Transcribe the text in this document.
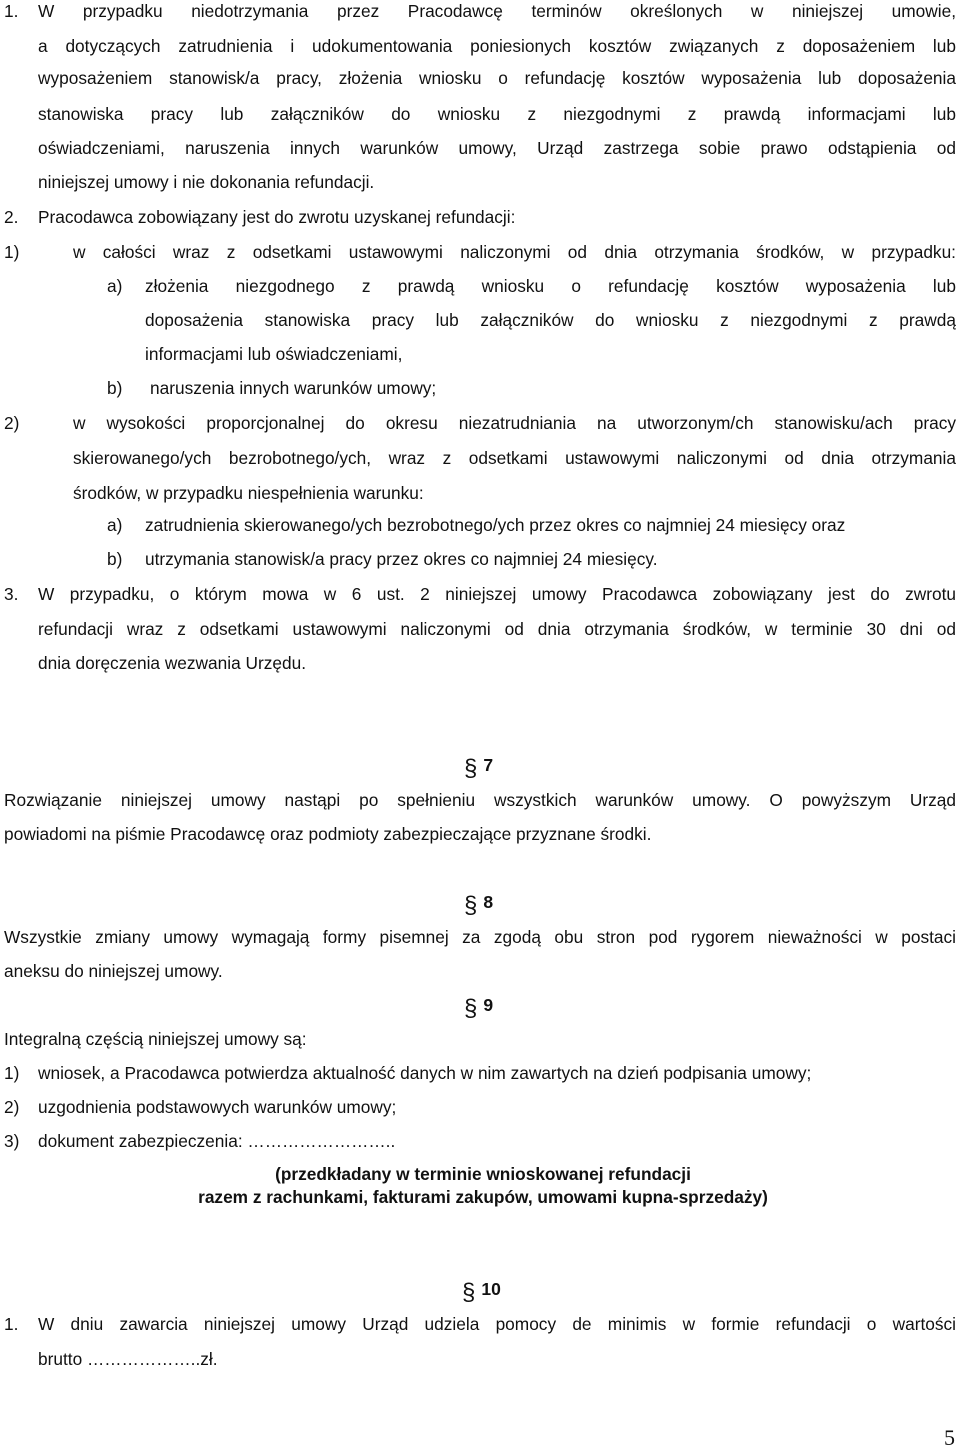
1. W przypadku niedotrzymania przez Pracodawcę terminów określonych w niniejszej umowie,
a dotyczących zatrudnienia i udokumentowania poniesionych kosztów związanych z doposażeniem lub
wyposażeniem stanowisk/a pracy, złożenia wniosku o refundację kosztów wyposażenia lub doposażenia
stanowiska pracy lub załączników do wniosku z niezgodnymi z prawdą informacjami lub
oświadczeniami, naruszenia innych warunków umowy, Urząd zastrzega sobie prawo odstąpienia od
niniejszej umowy i nie dokonania refundacji.
2. Pracodawca zobowiązany jest do zwrotu uzyskanej refundacji:
1)	w całości wraz z odsetkami ustawowymi naliczonymi od dnia otrzymania środków, w przypadku:
a) złożenia niezgodnego z prawdą wniosku o refundację kosztów wyposażenia lub
doposażenia stanowiska pracy lub załączników do wniosku z niezgodnymi z prawdą
informacjami lub oświadczeniami,
b) naruszenia innych warunków umowy;
2)	w wysokości proporcjonalnej do okresu niezatrudniania na utworzonym/ch stanowisku/ach pracy
skierowanego/ych bezrobotnego/ych, wraz z odsetkami ustawowymi naliczonymi od dnia otrzymania
środków, w przypadku niespełnienia warunku:
a) zatrudnienia skierowanego/ych bezrobotnego/ych przez okres co najmniej 24 miesięcy oraz
b) utrzymania stanowisk/a pracy przez okres co najmniej 24 miesięcy.
3. W przypadku, o którym mowa w 6 ust. 2 niniejszej umowy Pracodawca zobowiązany jest do zwrotu
refundacji wraz z odsetkami ustawowymi naliczonymi od dnia otrzymania środków, w terminie 30 dni od
dnia doręczenia wezwania Urzędu.
§ 7
Rozwiązanie niniejszej umowy nastąpi po spełnieniu wszystkich warunków umowy. O powyższym Urząd
powiadomi na piśmie Pracodawcę oraz podmioty zabezpieczające przyznane środki.
§ 8
Wszystkie zmiany umowy wymagają formy pisemnej za zgodą obu stron pod rygorem nieważności w postaci
aneksu do niniejszej umowy.
§ 9
Integralną częścią niniejszej umowy są:
1) wniosek, a Pracodawca potwierdza aktualność danych w nim zawartych na dzień podpisania umowy;
2) uzgodnienia podstawowych warunków umowy;
3) dokument zabezpieczenia: ……………………..
(przedkładany w terminie wnioskowanej refundacji
razem z rachunkami, fakturami zakupów, umowami kupna-sprzedaży)
§ 10
1. W dniu zawarcia niniejszej umowy Urząd udziela pomocy de minimis w formie refundacji o wartości
brutto ………………..zł.
5
